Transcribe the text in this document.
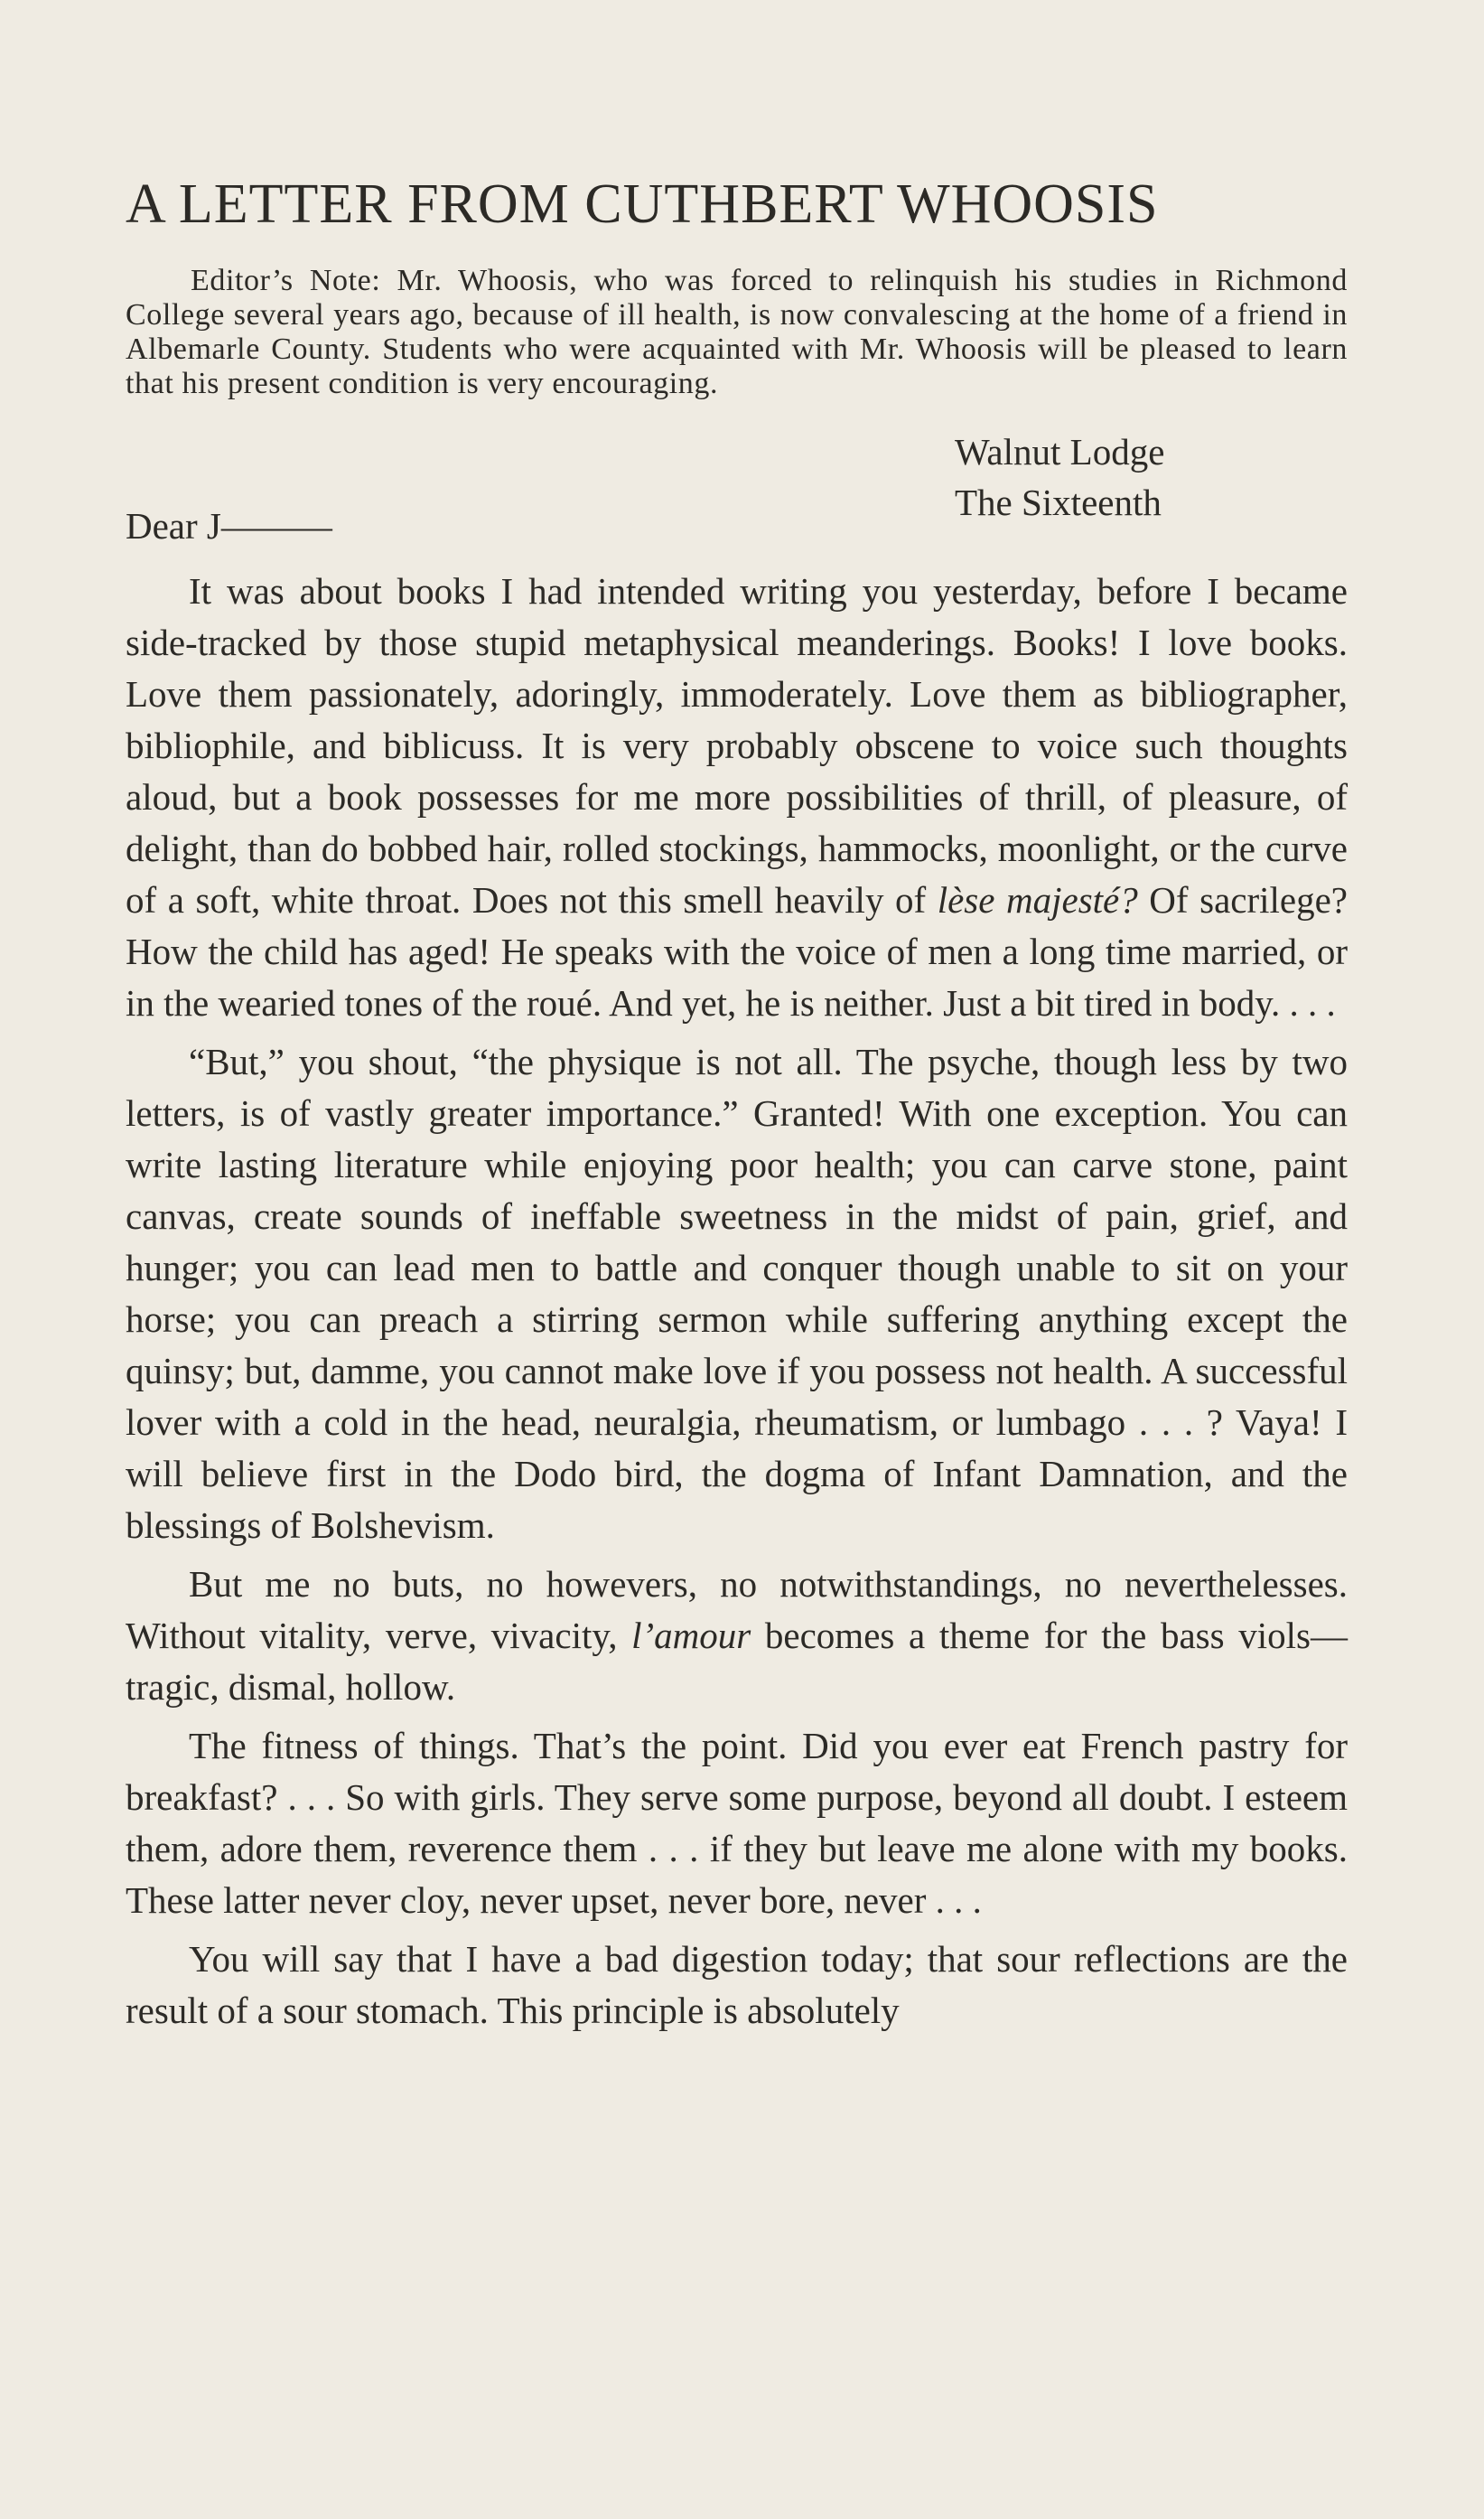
A LETTER FROM CUTHBERT WHOOSIS

Editor’s Note: Mr. Whoosis, who was forced to relinquish his studies in Richmond College several years ago, because of ill health, is now convalescing at the home of a friend in Albemarle County. Students who were acquainted with Mr. Whoosis will be pleased to learn that his present condition is very encouraging.

Walnut Lodge
The Sixteenth
Dear J———

It was about books I had intended writing you yesterday, before I became side-tracked by those stupid metaphysical meanderings. Books! I love books. Love them passionately, adoringly, immoderately. Love them as bibliographer, bibliophile, and biblicuss. It is very probably obscene to voice such thoughts aloud, but a book possesses for me more possibilities of thrill, of pleasure, of delight, than do bobbed hair, rolled stockings, hammocks, moonlight, or the curve of a soft, white throat. Does not this smell heavily of lèse majesté? Of sacrilege? How the child has aged! He speaks with the voice of men a long time married, or in the wearied tones of the roué. And yet, he is neither. Just a bit tired in body. . . .

“But,” you shout, “the physique is not all. The psyche, though less by two letters, is of vastly greater importance.” Granted! With one exception. You can write lasting literature while enjoying poor health; you can carve stone, paint canvas, create sounds of ineffable sweetness in the midst of pain, grief, and hunger; you can lead men to battle and conquer though unable to sit on your horse; you can preach a stirring sermon while suffering anything except the quinsy; but, damme, you cannot make love if you possess not health. A successful lover with a cold in the head, neuralgia, rheumatism, or lumbago . . . ? Vaya! I will believe first in the Dodo bird, the dogma of Infant Damnation, and the blessings of Bolshevism.

But me no buts, no howevers, no notwithstandings, no neverthelesses. Without vitality, verve, vivacity, l’amour becomes a theme for the bass viols—tragic, dismal, hollow.

The fitness of things. That’s the point. Did you ever eat French pastry for breakfast? . . . So with girls. They serve some purpose, beyond all doubt. I esteem them, adore them, reverence them . . . if they but leave me alone with my books. These latter never cloy, never upset, never bore, never . . .

You will say that I have a bad digestion today; that sour reflections are the result of a sour stomach. This principle is absolutely
